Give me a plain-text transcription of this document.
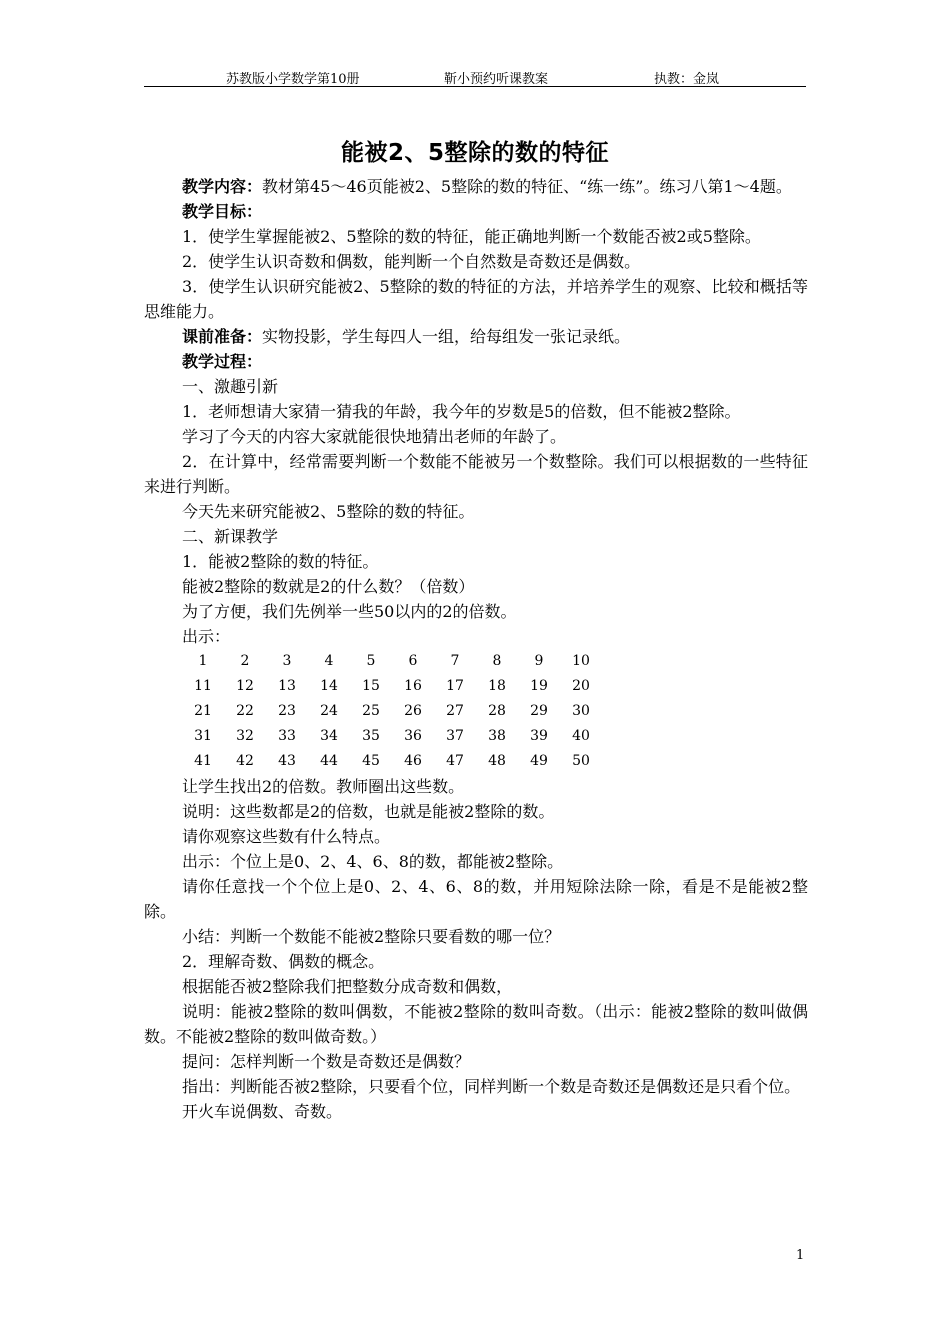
苏教版小学数学第10册	靳小预约听课教案	执教：金岚
能被2、5整除的数的特征

教学内容：教材第45～46页能被2、5整除的数的特征、“练一练”。练习八第1～4题。

教学目标：

1．使学生掌握能被2、5整除的数的特征，能正确地判断一个数能否被2或5整除。

2．使学生认识奇数和偶数，能判断一个自然数是奇数还是偶数。

3．使学生认识研究能被2、5整除的数的特征的方法，并培养学生的观察、比较和概括等思维能力。

课前准备：实物投影，学生每四人一组，给每组发一张记录纸。

教学过程：

一、激趣引新

1．老师想请大家猜一猜我的年龄，我今年的岁数是5的倍数，但不能被2整除。

学习了今天的内容大家就能很快地猜出老师的年龄了。

2．在计算中，经常需要判断一个数能不能被另一个数整除。我们可以根据数的一些特征来进行判断。

今天先来研究能被2、5整除的数的特征。

二、新课教学

1．能被2整除的数的特征。

能被2整除的数就是2的什么数？（倍数）

为了方便，我们先例举一些50以内的2的倍数。

出示：

1 2 3 4 5 6 7 8 9 10
11 12 13 14 15 16 17 18 19 20
21 22 23 24 25 26 27 28 29 30
31 32 33 34 35 36 37 38 39 40
41 42 43 44 45 46 47 48 49 50

让学生找出2的倍数。教师圈出这些数。

说明：这些数都是2的倍数，也就是能被2整除的数。

请你观察这些数有什么特点。

出示：个位上是0、2、4、6、8的数，都能被2整除。

请你任意找一个个位上是0、2、4、6、8的数，并用短除法除一除，看是不是能被2整除。

小结：判断一个数能不能被2整除只要看数的哪一位？

2．理解奇数、偶数的概念。

根据能否被2整除我们把整数分成奇数和偶数，

说明：能被2整除的数叫偶数，不能被2整除的数叫奇数。（出示：能被2整除的数叫做偶数。不能被2整除的数叫做奇数。）

提问：怎样判断一个数是奇数还是偶数？

指出：判断能否被2整除，只要看个位，同样判断一个数是奇数还是偶数还是只看个位。

开火车说偶数、奇数。

1
